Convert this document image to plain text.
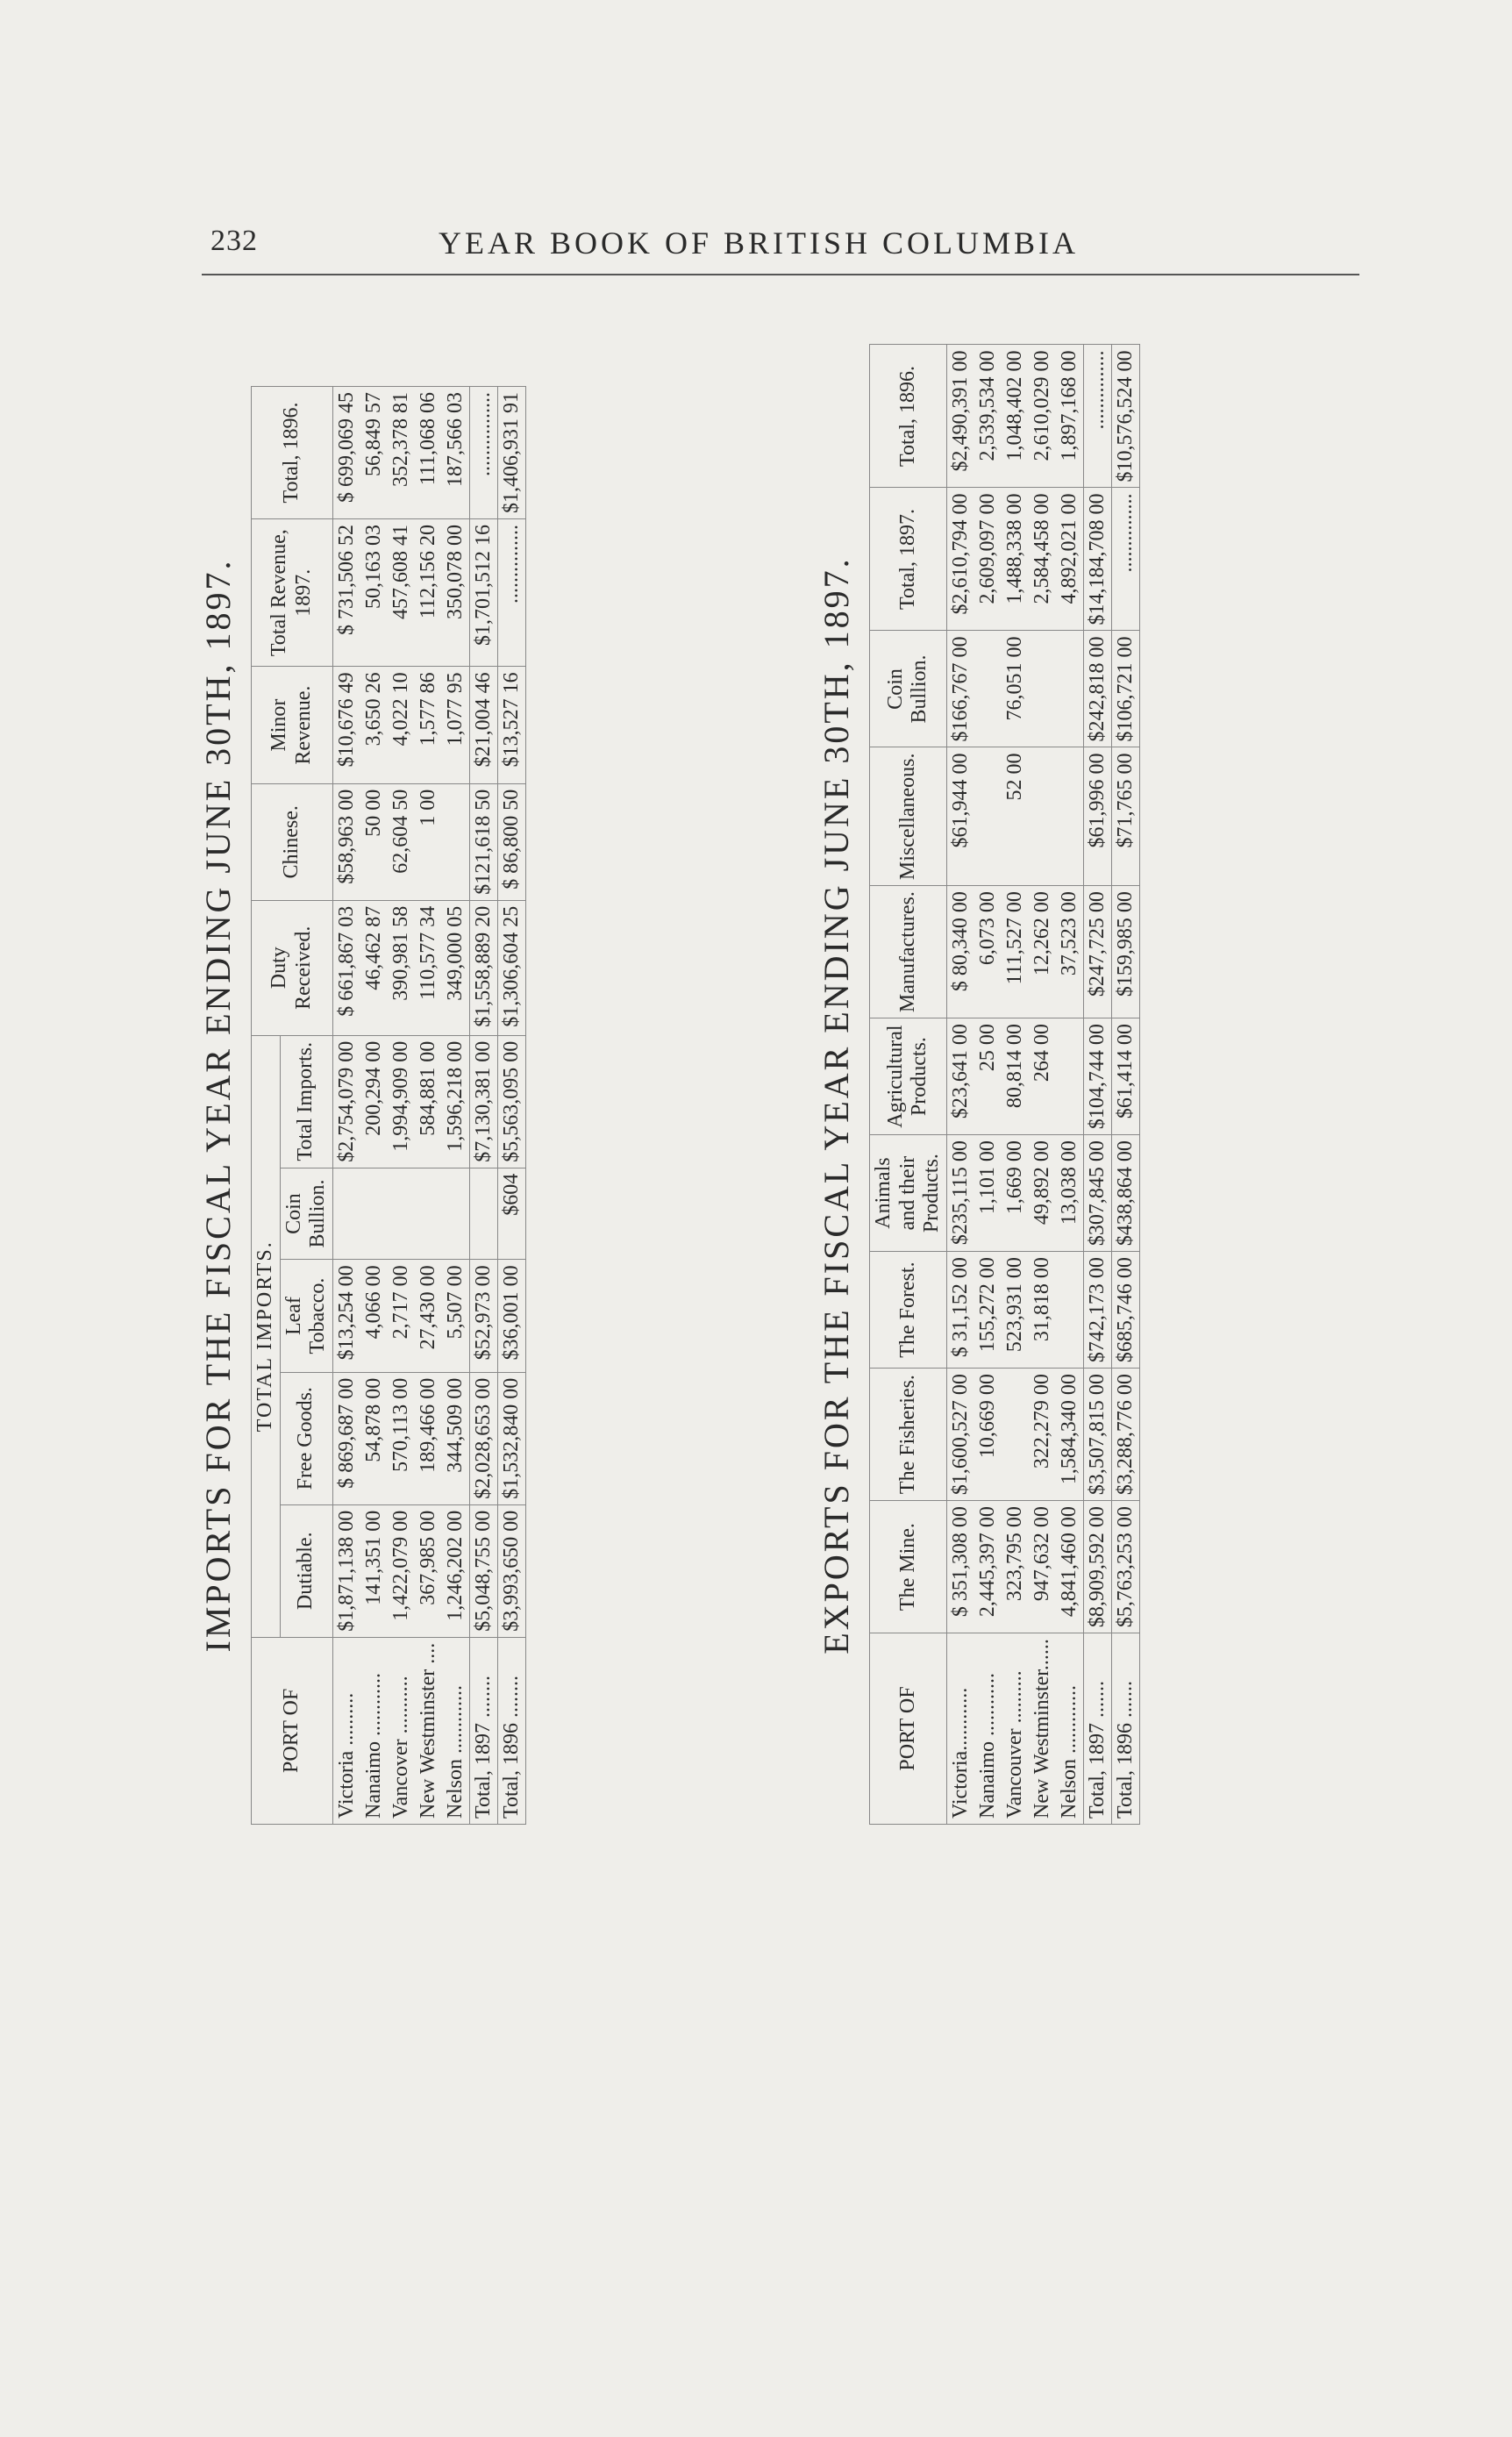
232	YEAR BOOK OF BRITISH COLUMBIA
IMPORTS FOR THE FISCAL YEAR ENDING JUNE 30TH, 1897.
PORT OF	TOTAL IMPORTS.					Duty Received.	Chinese.	Minor Revenue.	Total Revenue, 1897.	Total, 1896.
	Dutiable.	Free Goods.	Leaf Tobacco.	Coin Bullion.	Total Imports.					
Victoria ..........	$1,871,138 00	$ 869,687 00	$13,254 00		$2,754,079 00	$ 661,867 03	$58,963 00	$10,676 49	$ 731,506 52	$ 699,069 45
Nanaimo ............	141,351 00	54,878 00	4,066 00		200,294 00	46,462 87	50 00	3,650 26	50,163 03	56,849 57
Vancover ...........	1,422,079 00	570,113 00	2,717 00		1,994,909 00	390,981 58	62,604 50	4,022 10	457,608 41	352,378 81
New Westminster ....	367,985 00	189,466 00	27,430 00		584,881 00	110,577 34	1 00	1,577 86	112,156 20	111,068 06
Nelson .............	1,246,202 00	344,509 00	5,507 00		1,596,218 00	349,000 05		1,077 95	350,078 00	187,566 03
Total, 1897 ........	$5,048,755 00	$2,028,653 00	$52,973 00		$7,130,381 00	$1,558,889 20	$121,618 50	$21,004 46	$1,701,512 16	................
Total, 1896 ........	$3,993,650 00	$1,532,840 00	$36,001 00	$604	$5,563,095 00	$1,306,604 25	$ 86,800 50	$13,527 16	...............	$1,406,931 91
EXPORTS FOR THE FISCAL YEAR ENDING JUNE 30TH, 1897.
PORT OF	The Mine.	The Fisheries.	The Forest.	Animals and their Products.	Agricultural Products.	Manufactures.	Miscellaneous.	Coin Bullion.	Total, 1897.	Total, 1896.
Victoria............	$ 351,308 00	$1,600,527 00	$ 31,152 00	$235,115 00	$23,641 00	$ 80,340 00	$61,944 00	$166,767 00	$2,610,794 00	$2,490,391 00
Nanaimo ............	2,445,397 00	10,669 00	155,272 00	1,101 00	25 00	6,073 00			2,609,097 00	2,539,534 00
Vancouver ..........	323,795 00		523,931 00	1,669 00	80,814 00	111,527 00	52 00	76,051 00	1,488,338 00	1,048,402 00
New Westminster......	947,632 00	322,279 00	31,818 00	49,892 00	264 00	12,262 00			2,584,458 00	2,610,029 00
Nelson .............	4,841,460 00	1,584,340 00		13,038 00		37,523 00			4,892,021 00	1,897,168 00
Total, 1897 .......	$8,909,592 00	$3,507,815 00	$742,173 00	$307,845 00	$104,744 00	$247,725 00	$61,996 00	$242,818 00	$14,184,708 00	...............
Total, 1896 .......	$5,763,253 00	$3,288,776 00	$685,746 00	$438,864 00	$61,414 00	$159,985 00	$71,765 00	$106,721 00	...............	$10,576,524 00
